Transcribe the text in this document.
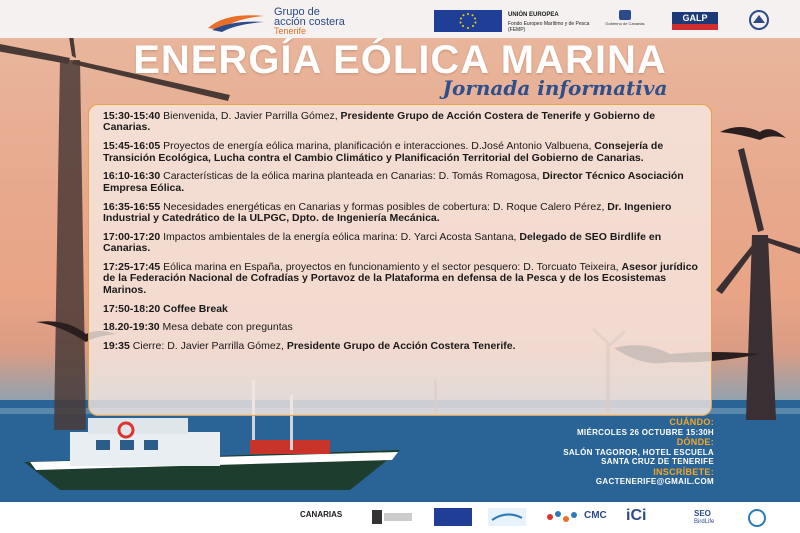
Grupo de
acción costera
Tenerife
UNIÓN EUROPEA
Fondo Europeo Marítimo y de Pesca (FEMP)
Gobierno de Canarias
GALP
ENERGÍA EÓLICA MARINA
Jornada informativa
15:30-15:40 Bienvenida, D. Javier Parrilla Gómez, Presidente Grupo de Acción Costera de Tenerife y Gobierno de Canarias.
15:45-16:05 Proyectos de energía eólica marina, planificación e interacciones. D.José Antonio Valbuena, Consejería de Transición Ecológica, Lucha contra el Cambio Climático y Planificación Territorial del Gobierno de Canarias.
16:10-16:30 Características de la eólica marina planteada en Canarias: D. Tomás Romagosa, Director Técnico Asociación Empresa Eólica.
16:35-16:55 Necesidades energéticas en Canarias y formas posibles de cobertura: D. Roque Calero Pérez, Dr. Ingeniero Industrial y Catedrático de la ULPGC, Dpto. de Ingeniería Mecánica.
17:00-17:20 Impactos ambientales de la energía eólica marina: D. Yarci Acosta Santana, Delegado de SEO Birdlife en Canarias.
17:25-17:45 Eólica marina en España, proyectos en funcionamiento y el sector pesquero: D. Torcuato Teixeira, Asesor jurídico de la Federación Nacional de Cofradías y Portavoz de la Plataforma en defensa de la Pesca y de los Ecosistemas Marinos.
17:50-18:20 Coffee Break
18.20-19:30 Mesa debate con preguntas
19:35 Cierre: D. Javier Parrilla Gómez, Presidente Grupo de Acción Costera Tenerife.
CUÁNDO:
MIÉRCOLES 26 OCTUBRE 15:30H
DÓNDE:
SALÓN TAGOROR, HOTEL ESCUELA
SANTA CRUZ DE TENERIFE
INSCRÍBETE:
GACTENERIFE@GMAIL.COM
CANARIAS	CMC iCi	SEO
BirdLife
